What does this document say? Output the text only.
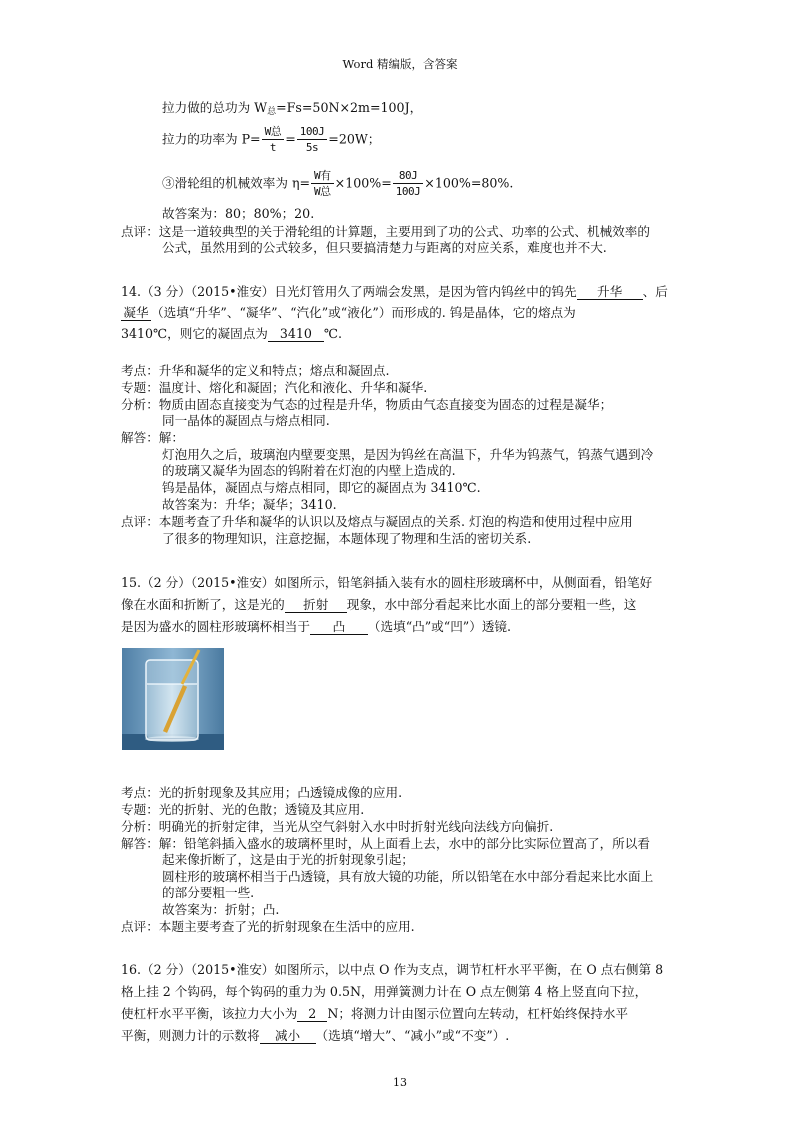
Word 精编版，含答案
拉力做的总功为 $W_总=Fs=50N\times 2m=100J$，
拉力的功率为 $P= \frac{\text{W总}}{t} = \frac{100J}{5s} =20W$；
③滑轮组的机械效率为 $\eta= \frac{\text{W有}}{\text{W总}} \times 100\%= \frac{80J}{100J} \times 100\%=80\%$.
故答案为：80；80%；20.
点评：这是一道较典型的关于滑轮组的计算题，主要用到了功的公式、功率的公式、机械效率的
公式，虽然用到的公式较多，但只要搞清楚力与距离的对应关系，难度也并不大.
14.（3 分）（2015•淮安）日光灯管用久了两端会发黑，是因为管内钨丝中的钨先 升华 、后
凝华 （选填“升华”、“凝华”、“汽化”或“液化”）而形成的. 钨是晶体，它的熔点为
3410℃，则它的凝固点为 3410 ℃.
考点：升华和凝华的定义和特点；熔点和凝固点.
专题：温度计、熔化和凝固；汽化和液化、升华和凝华.
分析：物质由固态直接变为气态的过程是升华，物质由气态直接变为固态的过程是凝华；
同一晶体的凝固点与熔点相同.
解答：解：
灯泡用久之后，玻璃泡内壁要变黑，是因为钨丝在高温下，升华为钨蒸气，钨蒸气遇到冷
的玻璃又凝华为固态的钨附着在灯泡的内壁上造成的.
钨是晶体，凝固点与熔点相同，即它的凝固点为 3410℃.
故答案为：升华；凝华；3410.
点评：本题考查了升华和凝华的认识以及熔点与凝固点的关系. 灯泡的构造和使用过程中应用
了很多的物理知识，注意挖掘，本题体现了物理和生活的密切关系.
15.（2 分）（2015•淮安）如图所示，铅笔斜插入装有水的圆柱形玻璃杯中，从侧面看，铅笔好
像在水面和折断了，这是光的 折射 现象，水中部分看起来比水面上的部分要粗一些，这
是因为盛水的圆柱形玻璃杯相当于 凸 （选填“凸”或“凹”）透镜.
考点：光的折射现象及其应用；凸透镜成像的应用.
专题：光的折射、光的色散；透镜及其应用.
分析：明确光的折射定律，当光从空气斜射入水中时折射光线向法线方向偏折.
解答：解：铅笔斜插入盛水的玻璃杯里时，从上面看上去，水中的部分比实际位置高了，所以看
起来像折断了，这是由于光的折射现象引起；
圆柱形的玻璃杯相当于凸透镜，具有放大镜的功能，所以铅笔在水中部分看起来比水面上
的部分要粗一些.
故答案为：折射；凸.
点评：本题主要考查了光的折射现象在生活中的应用.
16.（2 分）（2015•淮安）如图所示，以中点 O 作为支点，调节杠杆水平平衡，在 O 点右侧第 8
格上挂 2 个钩码，每个钩码的重力为 0.5N，用弹簧测力计在 O 点左侧第 4 格上竖直向下拉，
使杠杆水平平衡，该拉力大小为 2 N；将测力计由图示位置向左转动，杠杆始终保持水平
平衡，则测力计的示数将 减小 （选填“增大”、“减小”或“不变”）.
13
